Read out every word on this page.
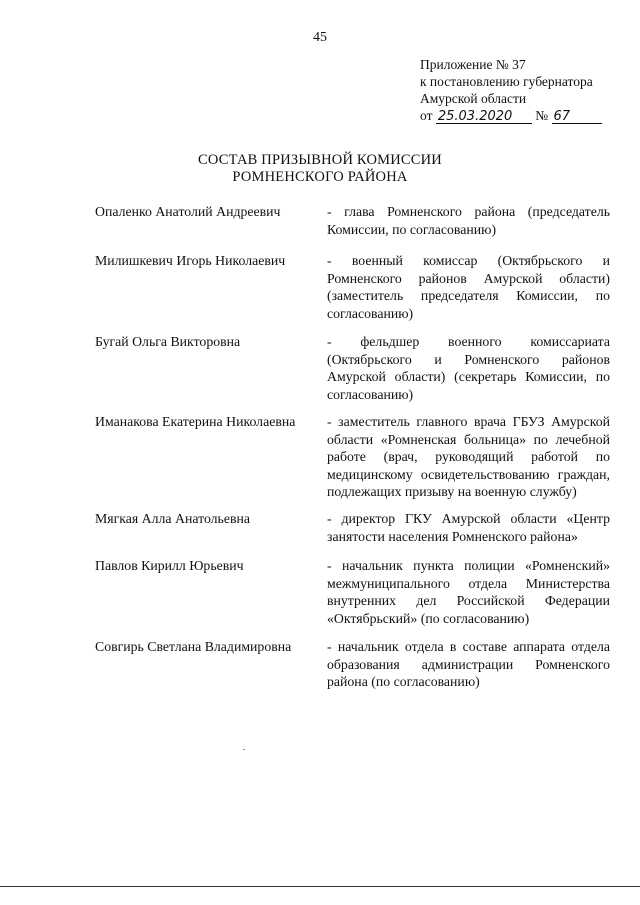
45
Приложение № 37
к постановлению губернатора
Амурской области
от 25.03.2020 № 67
СОСТАВ ПРИЗЫВНОЙ КОМИССИИ
РОМНЕНСКОГО РАЙОНА
Опаленко Анатолий Андреевич	- глава Ромненского района (председатель Комиссии, по согласованию)
Милишкевич Игорь Николаевич	- военный комиссар (Октябрьского и Ромненского районов Амурской области) (заместитель председателя Комиссии, по согласованию)
Бугай Ольга Викторовна	- фельдшер военного комиссариата (Октябрьского и Ромненского районов Амурской области) (секретарь Комиссии, по согласованию)
Иманакова Екатерина Николаевна	- заместитель главного врача ГБУЗ Амурской области «Ромненская больница» по лечебной работе (врач, руководящий работой по медицинскому освидетельствованию граждан, подлежащих призыву на военную службу)
Мягкая Алла Анатольевна	- директор ГКУ Амурской области «Центр занятости населения Ромненского района»
Павлов Кирилл Юрьевич	- начальник пункта полиции «Ромненский» межмуниципального отдела Министерства внутренних дел Российской Федерации «Октябрьский» (по согласованию)
Совгирь Светлана Владимировна	- начальник отдела в составе аппарата отдела образования администрации Ромненского района (по согласованию)
